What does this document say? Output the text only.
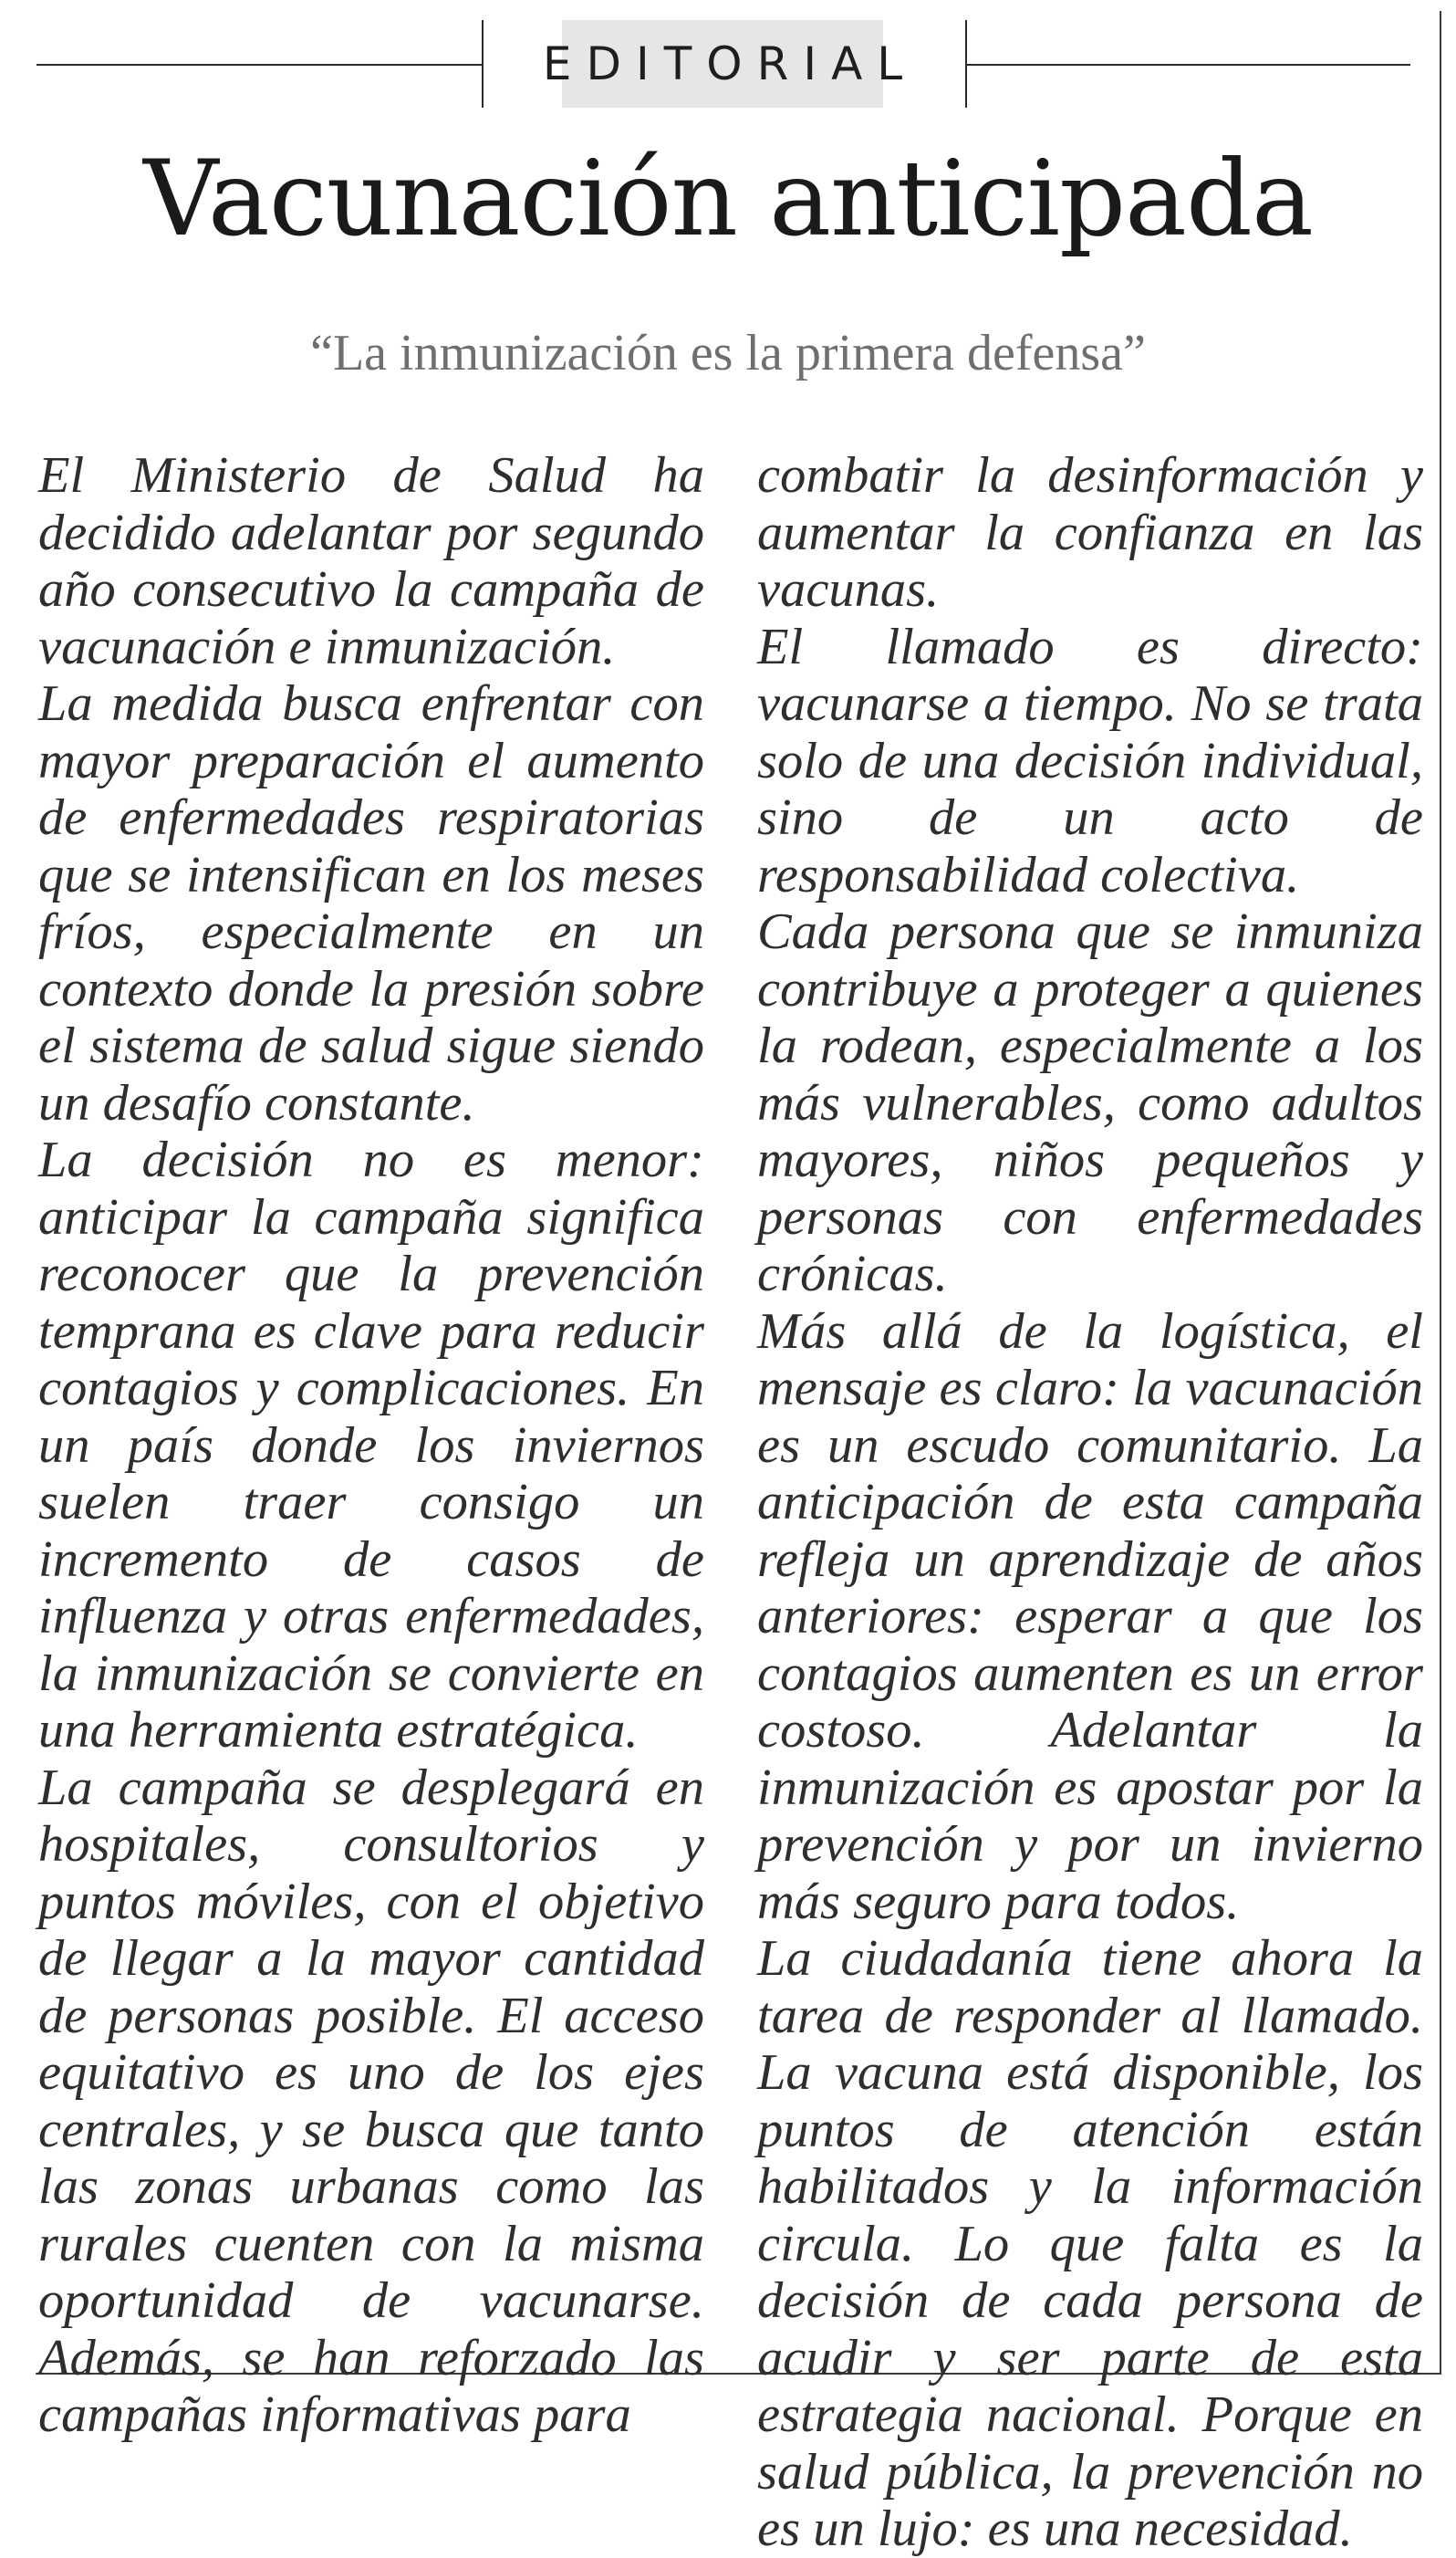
EDITORIAL
Vacunación anticipada
“La inmunización es la primera defensa”

El Ministerio de Salud ha decidido adelantar por segundo año consecutivo la campaña de vacunación e inmunización.

La medida busca enfrentar con mayor preparación el aumento de enfermedades respiratorias que se intensifican en los meses fríos, especialmente en un contexto donde la presión sobre el sistema de salud sigue siendo un desafío constante.

La decisión no es menor: anticipar la campaña significa reconocer que la prevención temprana es clave para reducir contagios y complicaciones. En un país donde los inviernos suelen traer consigo un incremento de casos de influenza y otras enfermedades, la inmunización se convierte en una herramienta estratégica.

La campaña se desplegará en hospitales, consultorios y puntos móviles, con el objetivo de llegar a la mayor cantidad de personas posible. El acceso equitativo es uno de los ejes centrales, y se busca que tanto las zonas urbanas como las rurales cuenten con la misma oportunidad de vacunarse. Además, se han reforzado las campañas informativas para

combatir la desinformación y aumentar la confianza en las vacunas.

El llamado es directo: vacunarse a tiempo. No se trata solo de una decisión individual, sino de un acto de responsabilidad colectiva.

Cada persona que se inmuniza contribuye a proteger a quienes la rodean, especialmente a los más vulnerables, como adultos mayores, niños pequeños y personas con enfermedades crónicas.

Más allá de la logística, el mensaje es claro: la vacunación es un escudo comunitario. La anticipación de esta campaña refleja un aprendizaje de años anteriores: esperar a que los contagios aumenten es un error costoso. Adelantar la inmunización es apostar por la prevención y por un invierno más seguro para todos.

La ciudadanía tiene ahora la tarea de responder al llamado. La vacuna está disponible, los puntos de atención están habilitados y la información circula. Lo que falta es la decisión de cada persona de acudir y ser parte de esta estrategia nacional. Porque en salud pública, la prevención no es un lujo: es una necesidad.
